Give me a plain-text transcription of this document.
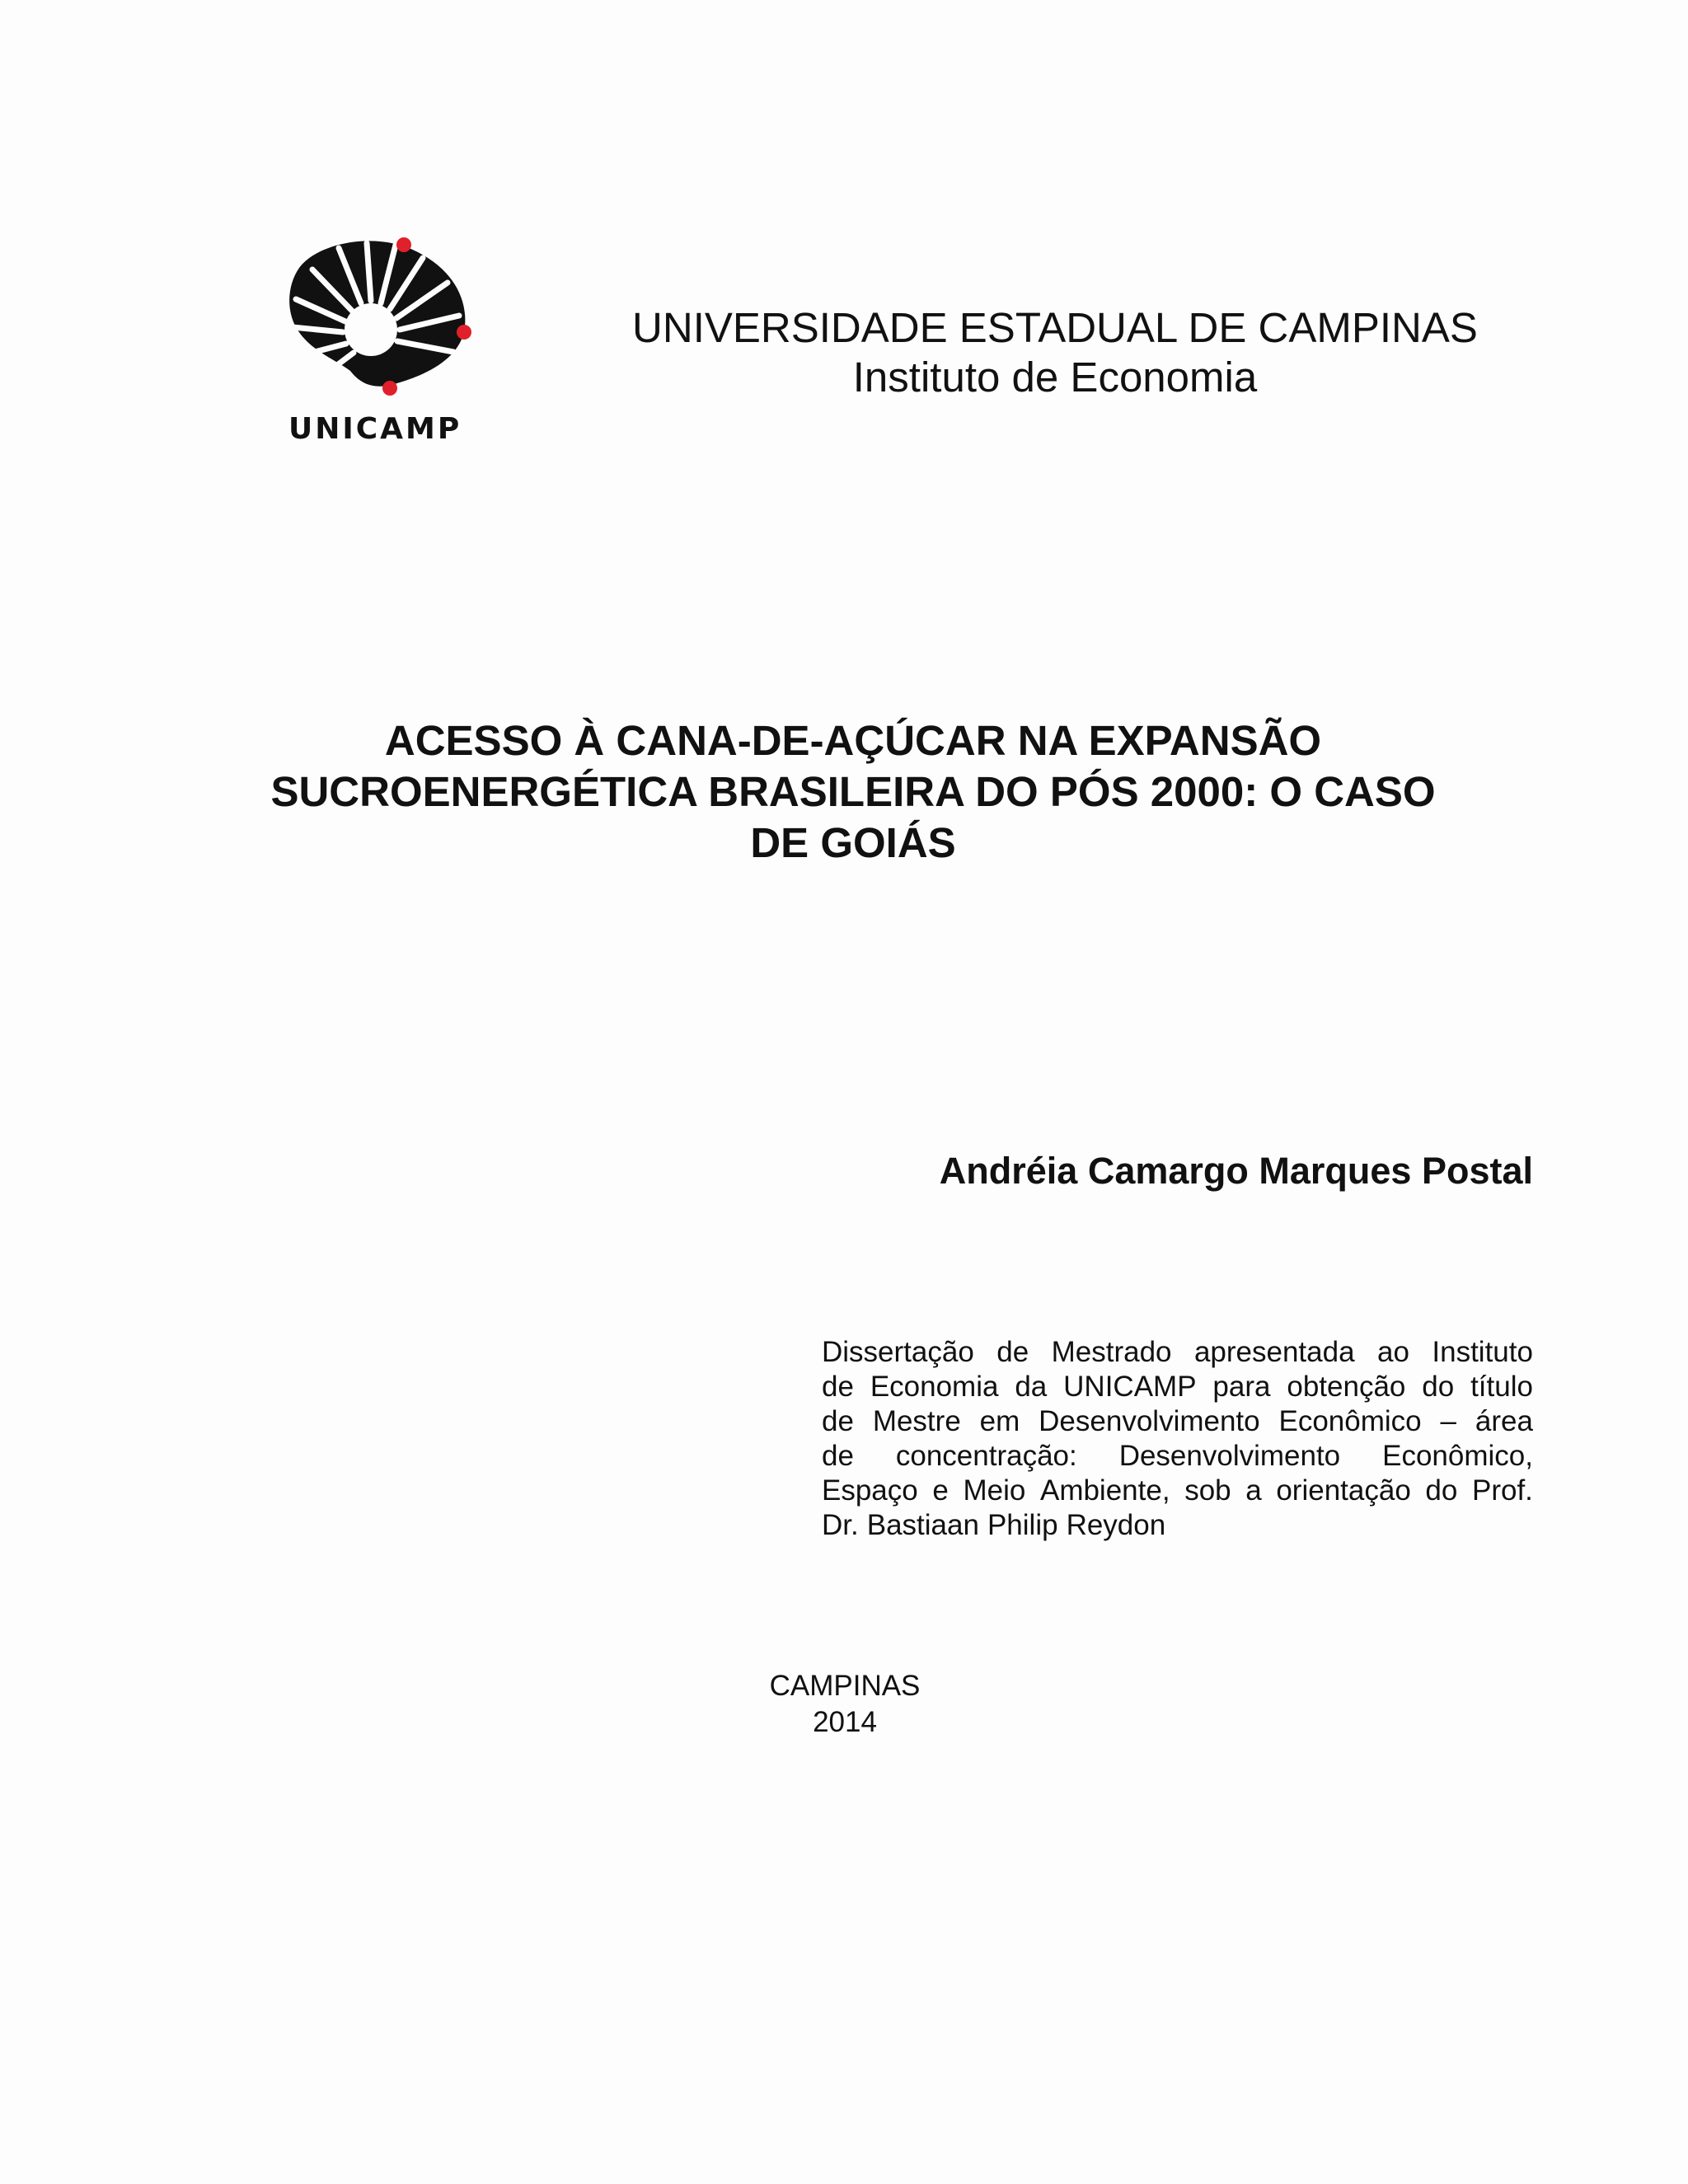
UNICAMP
UNIVERSIDADE ESTADUAL DE CAMPINAS
Instituto de Economia
ACESSO À CANA-DE-AÇÚCAR NA EXPANSÃO
SUCROENERGÉTICA BRASILEIRA DO PÓS 2000: O CASO
DE GOIÁS
Andréia Camargo Marques Postal
Dissertação de Mestrado apresentada ao Instituto
de Economia da UNICAMP para obtenção do título
de Mestre em Desenvolvimento Econômico – área
de concentração: Desenvolvimento Econômico,
Espaço e Meio Ambiente, sob a orientação do Prof.
Dr. Bastiaan Philip Reydon
CAMPINAS
2014
